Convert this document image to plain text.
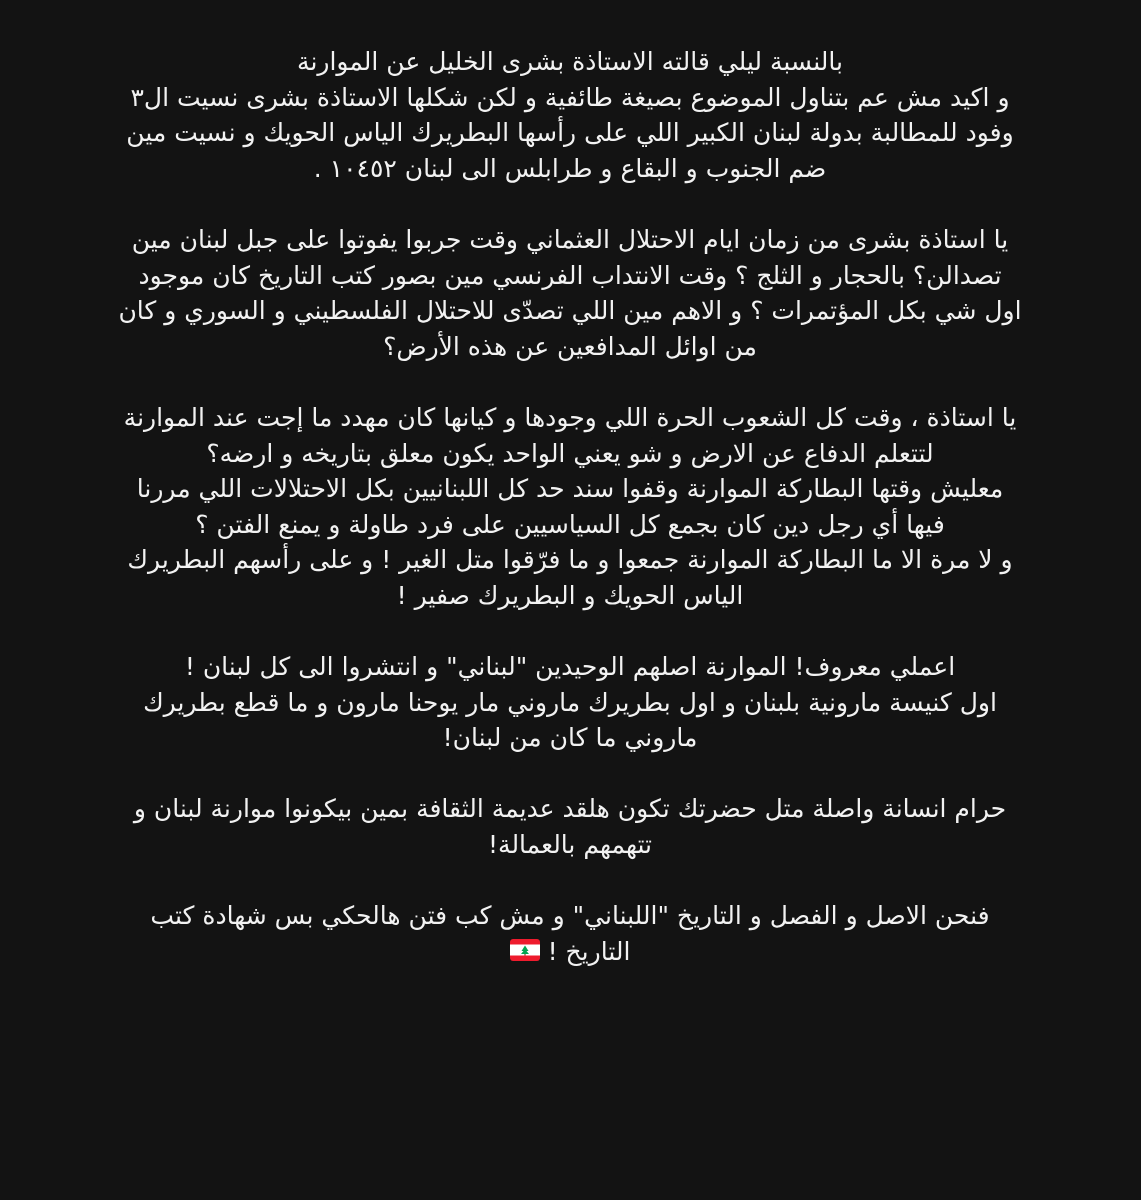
بالنسبة ليلي قالته الاستاذة بشرى الخليل عن الموارنة
و اكيد مش عم بتناول الموضوع بصيغة طائفية و لكن شكلها الاستاذة بشرى نسيت ال٣
وفود للمطالبة بدولة لبنان الكبير اللي على رأسها البطريرك الياس الحويك و نسيت مين
ضم الجنوب و البقاع و طرابلس الى لبنان ١٠٤٥٢ .
يا استاذة بشرى من زمان ايام الاحتلال العثماني وقت جربوا يفوتوا على جبل لبنان مين
تصدالن؟ بالحجار و الثلج ؟ وقت الانتداب الفرنسي مين بصور كتب التاريخ كان موجود
اول شي بكل المؤتمرات ؟ و الاهم مين اللي تصدّى للاحتلال الفلسطيني و السوري و كان
من اوائل المدافعين عن هذه الأرض؟
يا استاذة ، وقت كل الشعوب الحرة اللي وجودها و كيانها كان مهدد ما إجت عند الموارنة
لتتعلم الدفاع عن الارض و شو يعني الواحد يكون معلق بتاريخه و ارضه؟
معليش وقتها البطاركة الموارنة وقفوا سند حد كل اللبنانيين بكل الاحتلالات اللي مررنا
فيها أي رجل دين كان بجمع كل السياسيين على فرد طاولة و يمنع الفتن ؟
و لا مرة الا ما البطاركة الموارنة جمعوا و ما فرّقوا متل الغير ! و على رأسهم البطريرك
الياس الحويك و البطريرك صفير !
اعملي معروف! الموارنة اصلهم الوحيدين "لبناني" و انتشروا الى كل لبنان !
اول كنيسة مارونية بلبنان و اول بطريرك ماروني مار يوحنا مارون و ما قطع بطريرك
ماروني ما كان من لبنان!
حرام انسانة واصلة متل حضرتك تكون هلقد عديمة الثقافة بمين بيكونوا موارنة لبنان و
تتهمهم بالعمالة!
فنحن الاصل و الفصل و التاريخ "اللبناني" و مش كب فتن هالحكي بس شهادة كتب
التاريخ !
